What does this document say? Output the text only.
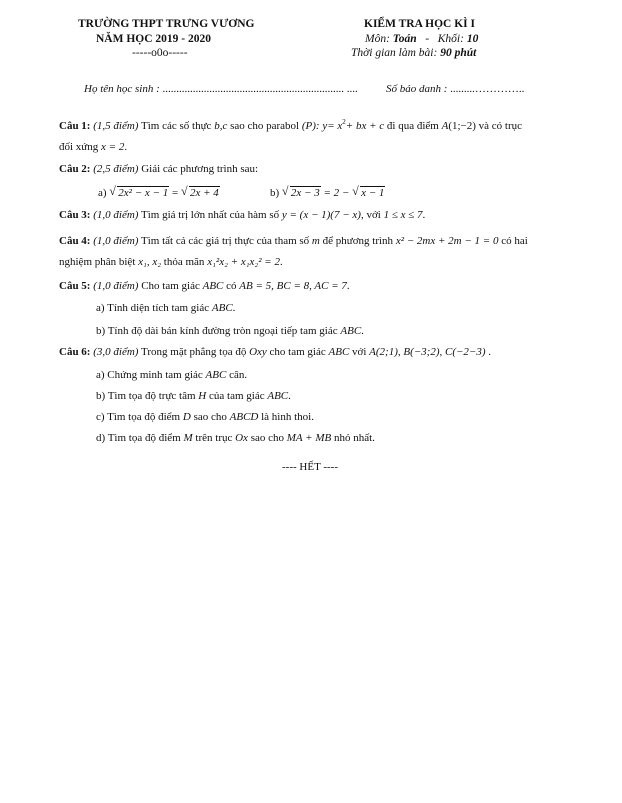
TRƯỜNG THPT TRƯNG VƯƠNG
NĂM HỌC 2019 - 2020
-----o0o-----
KIỂM TRA HỌC KÌ I
Môn: Toán - Khối: 10
Thời gian làm bài: 90 phút
Họ tên học sinh : .................................................................. ....	Số báo danh : .........…………..
Câu 1: (1,5 điểm) Tìm các số thực b,c sao cho parabol (P): $y= x^2+$ bx + c đi qua điểm A(1;−2) và có trục
đối xứng x = 2.
Câu 2: (2,5 điểm) Giải các phương trình sau:
a) √ 2x² − x − 1 = √ 2x + 4	b) √ 2x − 3 = 2 − √ x − 1
Câu 3: (1,0 điểm) Tìm giá trị lớn nhất của hàm số y = (x − 1)(7 − x), với 1 ≤ x ≤ 7.
Câu 4: (1,0 điểm) Tìm tất cả các giá trị thực của tham số m để phương trình x² − 2mx + 2m − 1 = 0 có hai
nghiệm phân biệt x₁, x₂ thỏa mãn x₁²x₂ + x₁x₂² = 2.
Câu 5: (1,0 điểm) Cho tam giác ABC có AB = 5, BC = 8, AC = 7.
a) Tính diện tích tam giác ABC.
b) Tính độ dài bán kính đường tròn ngoại tiếp tam giác ABC.
Câu 6: (3,0 điểm) Trong mặt phẳng tọa độ Oxy cho tam giác ABC với A(2;1), B(−3;2), C(−2−3) .
a) Chứng minh tam giác ABC cân.
b) Tìm tọa độ trực tâm H của tam giác ABC.
c) Tìm tọa độ điểm D sao cho ABCD là hình thoi.
d) Tìm tọa độ điểm M trên trục Ox sao cho MA + MB nhỏ nhất.
---- HẾT ----
